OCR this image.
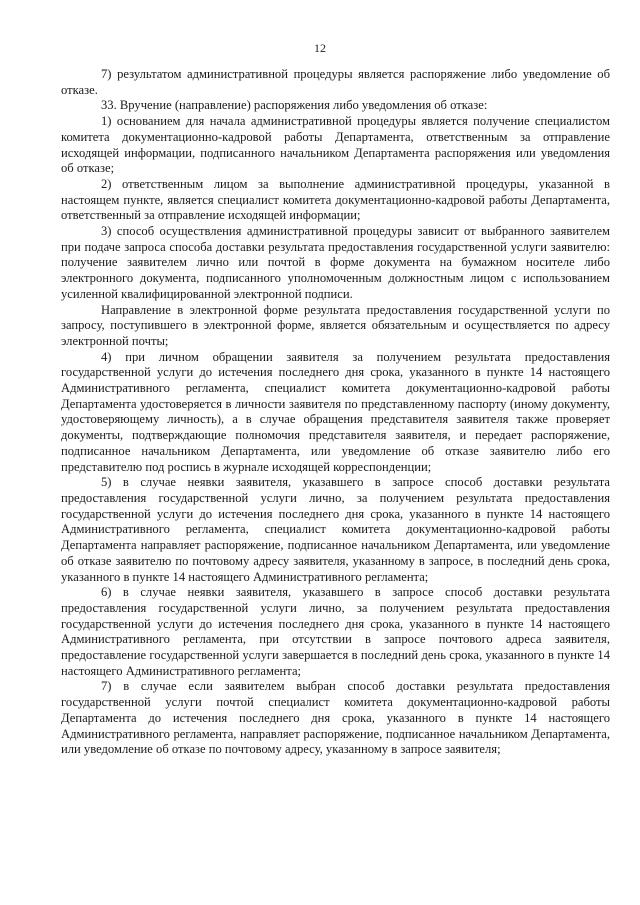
12

7) результатом административной процедуры является распоряжение либо уведомление об отказе.

33. Вручение (направление) распоряжения либо уведомления об отказе:

1) основанием для начала административной процедуры является получение специалистом комитета документационно-кадровой работы Департамента, ответственным за отправление исходящей информации, подписанного начальником Департамента распоряжения или уведомления об отказе;

2) ответственным лицом за выполнение административной процедуры, указанной в настоящем пункте, является специалист комитета документационно-кадровой работы Департамента, ответственный за отправление исходящей информации;

3) способ осуществления административной процедуры зависит от выбранного заявителем при подаче запроса способа доставки результата предоставления государственной услуги заявителю: получение заявителем лично или почтой в форме документа на бумажном носителе либо электронного документа, подписанного уполномоченным должностным лицом с использованием усиленной квалифицированной электронной подписи.

Направление в электронной форме результата предоставления государственной услуги по запросу, поступившего в электронной форме, является обязательным и осуществляется по адресу электронной почты;

4) при личном обращении заявителя за получением результата предоставления государственной услуги до истечения последнего дня срока, указанного в пункте 14 настоящего Административного регламента, специалист комитета документационно-кадровой работы Департамента удостоверяется в личности заявителя по представленному паспорту (иному документу, удостоверяющему личность), а в случае обращения представителя заявителя также проверяет документы, подтверждающие полномочия представителя заявителя, и передает распоряжение, подписанное начальником Департамента, или уведомление об отказе заявителю либо его представителю под роспись в журнале исходящей корреспонденции;

5) в случае неявки заявителя, указавшего в запросе способ доставки результата предоставления государственной услуги лично, за получением результата предоставления государственной услуги до истечения последнего дня срока, указанного в пункте 14 настоящего Административного регламента, специалист комитета документационно-кадровой работы Департамента направляет распоряжение, подписанное начальником Департамента, или уведомление об отказе заявителю по почтовому адресу заявителя, указанному в запросе, в последний день срока, указанного в пункте 14 настоящего Административного регламента;

6) в случае неявки заявителя, указавшего в запросе способ доставки результата предоставления государственной услуги лично, за получением результата предоставления государственной услуги до истечения последнего дня срока, указанного в пункте 14 настоящего Административного регламента, при отсутствии в запросе почтового адреса заявителя, предоставление государственной услуги завершается в последний день срока, указанного в пункте 14 настоящего Административного регламента;

7) в случае если заявителем выбран способ доставки результата предоставления государственной услуги почтой специалист комитета документационно-кадровой работы Департамента до истечения последнего дня срока, указанного в пункте 14 настоящего Административного регламента, направляет распоряжение, подписанное начальником Департамента, или уведомление об отказе по почтовому адресу, указанному в запросе заявителя;
